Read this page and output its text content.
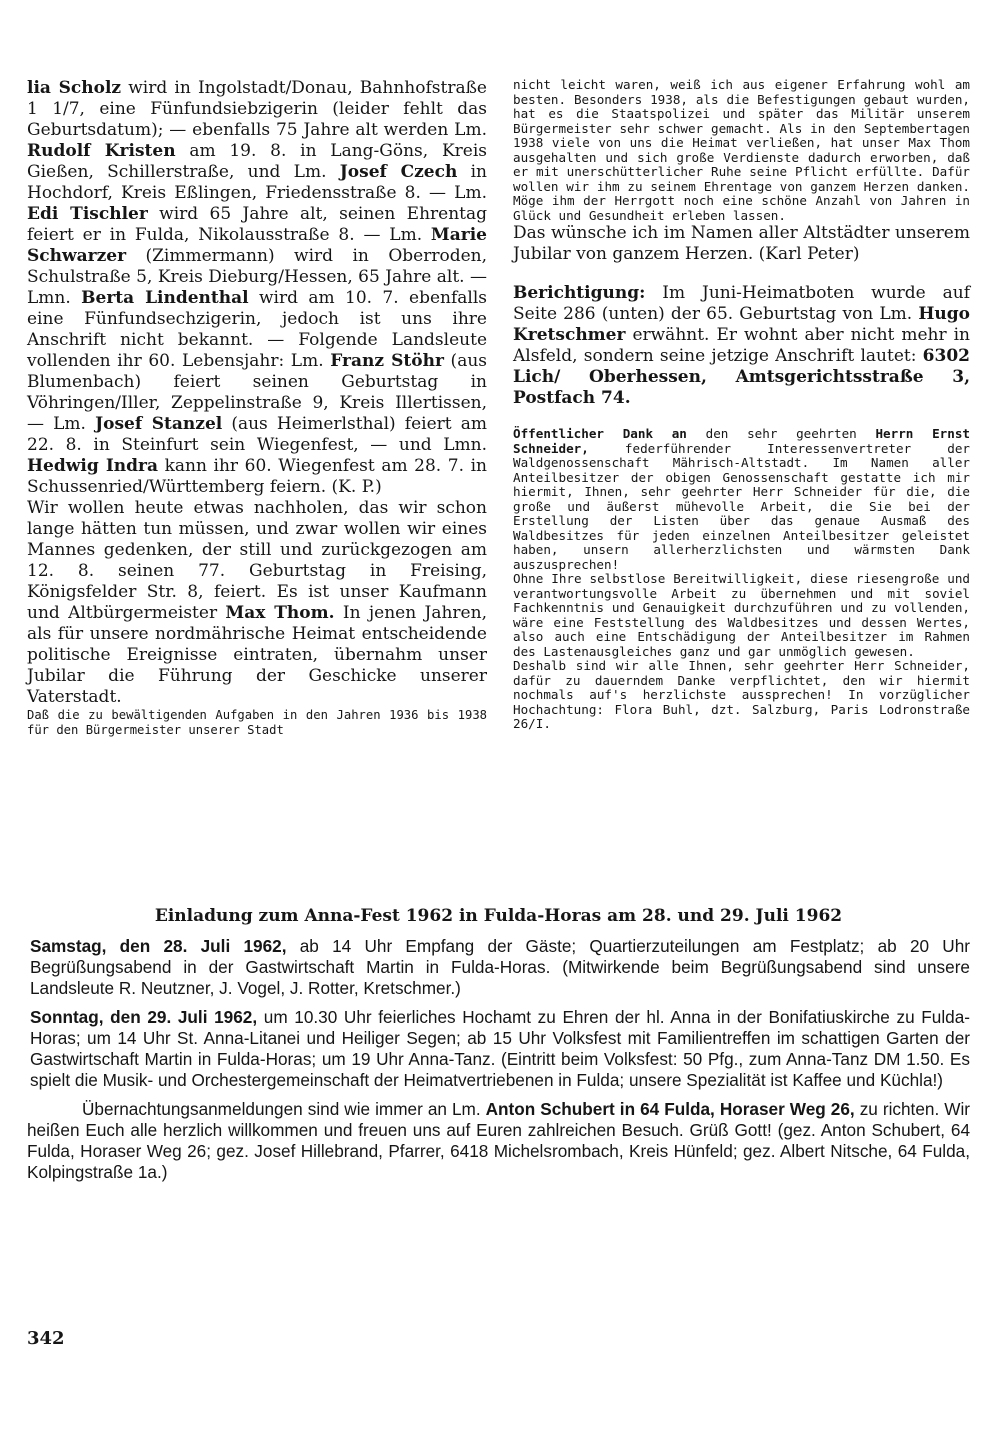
lia Scholz wird in Ingolstadt/Donau, Bahnhofstraße 1 1/7, eine Fünfundsiebzigerin (leider fehlt das Geburtsdatum); — ebenfalls 75 Jahre alt werden Lm. Rudolf Kristen am 19. 8. in Lang-Göns, Kreis Gießen, Schillerstraße, und Lm. Josef Czech in Hochdorf, Kreis Eßlingen, Friedensstraße 8. — Lm. Edi Tischler wird 65 Jahre alt, seinen Ehrentag feiert er in Fulda, Nikolausstraße 8. — Lm. Marie Schwarzer (Zimmermann) wird in Oberroden, Schulstraße 5, Kreis Dieburg/Hessen, 65 Jahre alt. — Lmn. Berta Lindenthal wird am 10. 7. ebenfalls eine Fünfundsechzigerin, jedoch ist uns ihre Anschrift nicht bekannt. — Folgende Landsleute vollenden ihr 60. Lebensjahr: Lm. Franz Stöhr (aus Blumenbach) feiert seinen Geburtstag in Vöhringen/Iller, Zeppelinstraße 9, Kreis Illertissen, — Lm. Josef Stanzel (aus Heimerlsthal) feiert am 22. 8. in Steinfurt sein Wiegenfest, — und Lmn. Hedwig Indra kann ihr 60. Wiegenfest am 28. 7. in Schussenried/Württemberg feiern. (K. P.)

Wir wollen heute etwas nachholen, das wir schon lange hätten tun müssen, und zwar wollen wir eines Mannes gedenken, der still und zurückgezogen am 12. 8. seinen 77. Geburtstag in Freising, Königsfelder Str. 8, feiert. Es ist unser Kaufmann und Altbürgermeister Max Thom. In jenen Jahren, als für unsere nordmährische Heimat entscheidende politische Ereignisse eintraten, übernahm unser Jubilar die Führung der Geschicke unserer Vaterstadt.

Daß die zu bewältigenden Aufgaben in den Jahren 1936 bis 1938 für den Bürgermeister unserer Stadt

nicht leicht waren, weiß ich aus eigener Erfahrung wohl am besten. Besonders 1938, als die Befestigungen gebaut wurden, hat es die Staatspolizei und später das Militär unserem Bürgermeister sehr schwer gemacht. Als in den Septembertagen 1938 viele von uns die Heimat verließen, hat unser Max Thom ausgehalten und sich große Verdienste dadurch erworben, daß er mit unerschütterlicher Ruhe seine Pflicht erfüllte. Dafür wollen wir ihm zu seinem Ehrentage von ganzem Herzen danken. Möge ihm der Herrgott noch eine schöne Anzahl von Jahren in Glück und Gesundheit erleben lassen.

Das wünsche ich im Namen aller Altstädter unserem Jubilar von ganzem Herzen. (Karl Peter)

Berichtigung: Im Juni-Heimatboten wurde auf Seite 286 (unten) der 65. Geburtstag von Lm. Hugo Kretschmer erwähnt. Er wohnt aber nicht mehr in Alsfeld, sondern seine jetzige Anschrift lautet: 6302 Lich/ Oberhessen, Amtsgerichtsstraße 3, Postfach 74.

Öffentlicher Dank an den sehr geehrten Herrn Ernst Schneider, federführender Interessenvertreter der Waldgenossenschaft Mährisch-Altstadt. Im Namen aller Anteilbesitzer der obigen Genossenschaft gestatte ich mir hiermit, Ihnen, sehr geehrter Herr Schneider für die, die große und äußerst mühevolle Arbeit, die Sie bei der Erstellung der Listen über das genaue Ausmaß des Waldbesitzes für jeden einzelnen Anteilbesitzer geleistet haben, unsern allerherzlichsten und wärmsten Dank auszusprechen!

Ohne Ihre selbstlose Bereitwilligkeit, diese riesengroße und verantwortungsvolle Arbeit zu übernehmen und mit soviel Fachkenntnis und Genauigkeit durchzuführen und zu vollenden, wäre eine Feststellung des Waldbesitzes und dessen Wertes, also auch eine Entschädigung der Anteilbesitzer im Rahmen des Lastenausgleiches ganz und gar unmöglich gewesen.

Deshalb sind wir alle Ihnen, sehr geehrter Herr Schneider, dafür zu dauerndem Danke verpflichtet, den wir hiermit nochmals auf's herzlichste aussprechen! In vorzüglicher Hochachtung: Flora Buhl, dzt. Salzburg, Paris Lodronstraße 26/I.

Einladung zum Anna-Fest 1962 in Fulda-Horas am 28. und 29. Juli 1962

Samstag, den 28. Juli 1962, ab 14 Uhr Empfang der Gäste; Quartierzuteilungen am Festplatz; ab 20 Uhr Begrüßungsabend in der Gastwirtschaft Martin in Fulda-Horas. (Mitwirkende beim Begrüßungsabend sind unsere Landsleute R. Neutzner, J. Vogel, J. Rotter, Kretschmer.)

Sonntag, den 29. Juli 1962, um 10.30 Uhr feierliches Hochamt zu Ehren der hl. Anna in der Bonifatiuskirche zu Fulda-Horas; um 14 Uhr St. Anna-Litanei und Heiliger Segen; ab 15 Uhr Volksfest mit Familientreffen im schattigen Garten der Gastwirtschaft Martin in Fulda-Horas; um 19 Uhr Anna-Tanz. (Eintritt beim Volksfest: 50 Pfg., zum Anna-Tanz DM 1.50. Es spielt die Musik- und Orchestergemeinschaft der Heimatvertriebenen in Fulda; unsere Spezialität ist Kaffee und Küchla!)

Übernachtungsanmeldungen sind wie immer an Lm. Anton Schubert in 64 Fulda, Horaser Weg 26, zu richten. Wir heißen Euch alle herzlich willkommen und freuen uns auf Euren zahlreichen Besuch. Grüß Gott! (gez. Anton Schubert, 64 Fulda, Horaser Weg 26; gez. Josef Hillebrand, Pfarrer, 6418 Michelsrombach, Kreis Hünfeld; gez. Albert Nitsche, 64 Fulda, Kolpingstraße 1a.)

342
